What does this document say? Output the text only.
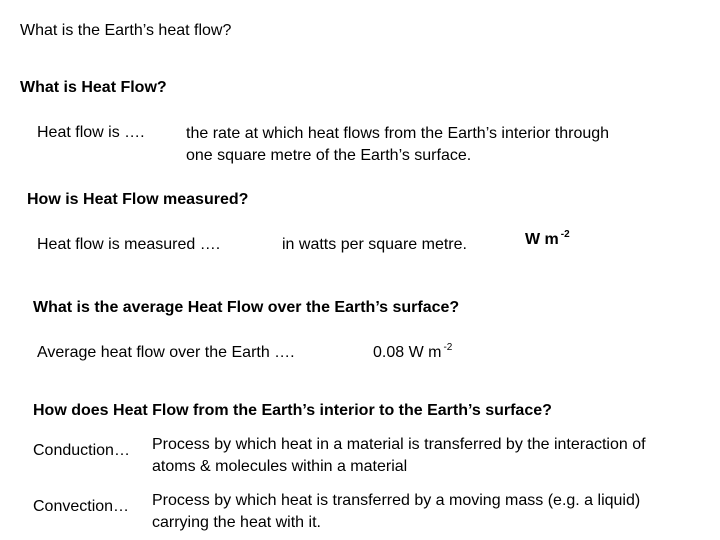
What is the Earth’s heat flow?
What is Heat Flow?
Heat flow is ….	the rate at which heat flows from the Earth’s interior through
one square metre of the Earth’s surface.
How is Heat Flow measured?
Heat flow is measured ….	in watts per square metre.	W m $^{-2}$
What is the average Heat Flow over the Earth’s surface?
Average heat flow over the Earth ….	0.08 W m $^{-2}$
How does Heat Flow from the Earth’s interior to the Earth’s surface?
Conduction… Process by which heat in a material is transferred by the interaction of
atoms & molecules within a material
Convection… Process by which heat is transferred by a moving mass (e.g. a liquid)
carrying the heat with it.
